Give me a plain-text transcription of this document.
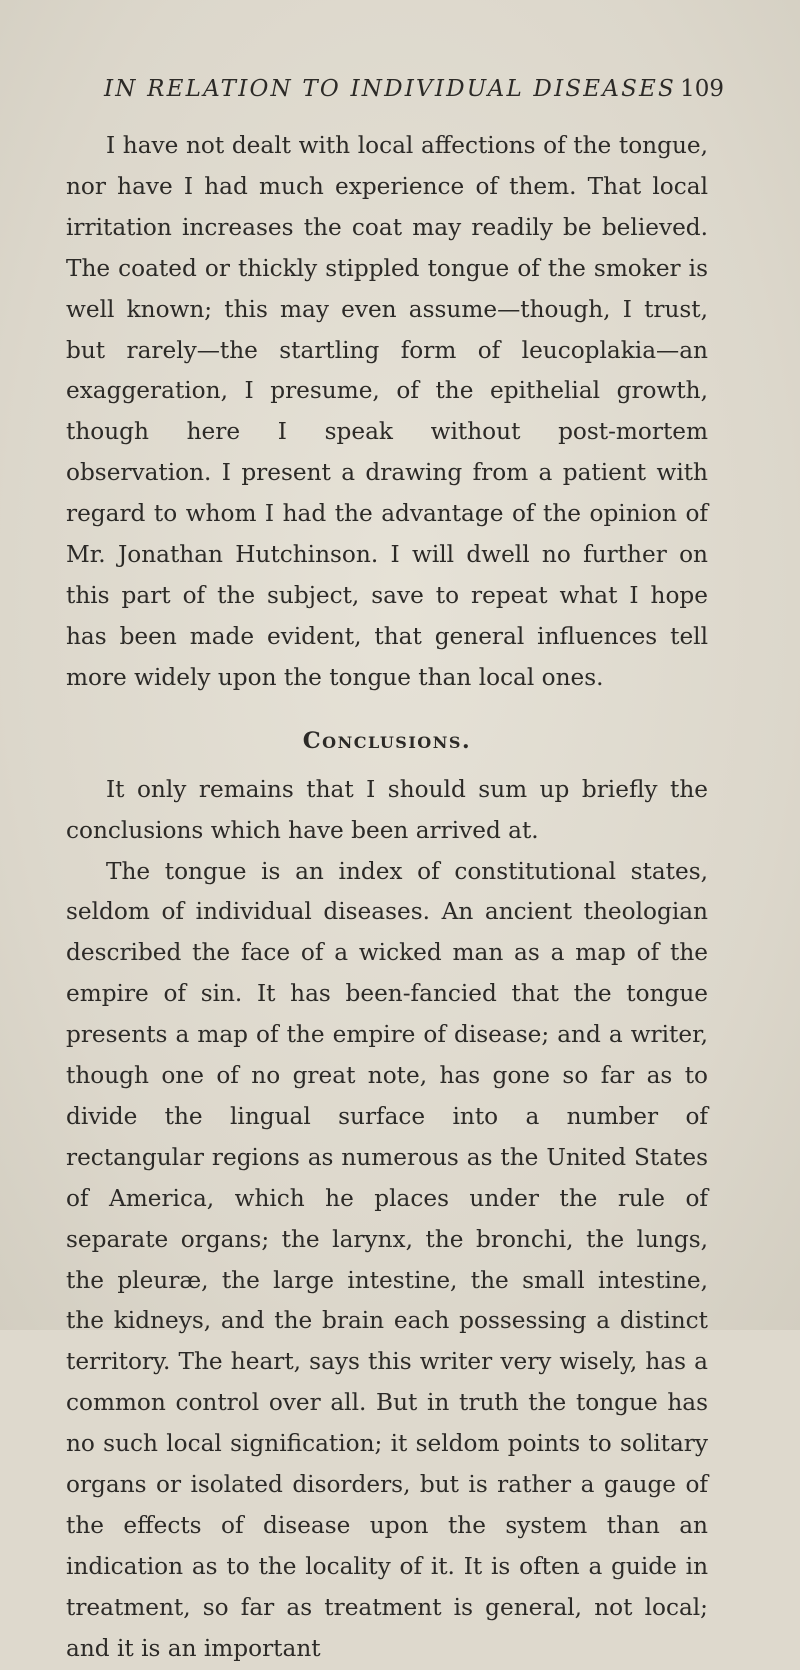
IN RELATION TO INDIVIDUAL DISEASES 109

I have not dealt with local affections of the tongue, nor have I had much experience of them. That local irritation increases the coat may readily be believed. The coated or thickly stippled tongue of the smoker is well known; this may even assume—though, I trust, but rarely—the startling form of leucoplakia—an exaggeration, I presume, of the epithelial growth, though here I speak without post-mortem observation. I present a drawing from a patient with regard to whom I had the advantage of the opinion of Mr. Jonathan Hutchinson. I will dwell no further on this part of the subject, save to repeat what I hope has been made evident, that general influences tell more widely upon the tongue than local ones.

Conclusions.

It only remains that I should sum up briefly the conclusions which have been arrived at.

The tongue is an index of constitutional states, seldom of individual diseases. An ancient theologian described the face of a wicked man as a map of the empire of sin. It has been-fancied that the tongue presents a map of the empire of disease; and a writer, though one of no great note, has gone so far as to divide the lingual surface into a number of rectangular regions as numerous as the United States of America, which he places under the rule of separate organs; the larynx, the bronchi, the lungs, the pleuræ, the large intestine, the small intestine, the kidneys, and the brain each possessing a distinct territory. The heart, says this writer very wisely, has a common control over all. But in truth the tongue has no such local signification; it seldom points to solitary organs or isolated disorders, but is rather a gauge of the effects of disease upon the system than an indication as to the locality of it. It is often a guide in treatment, so far as treatment is general, not local; and it is an important
